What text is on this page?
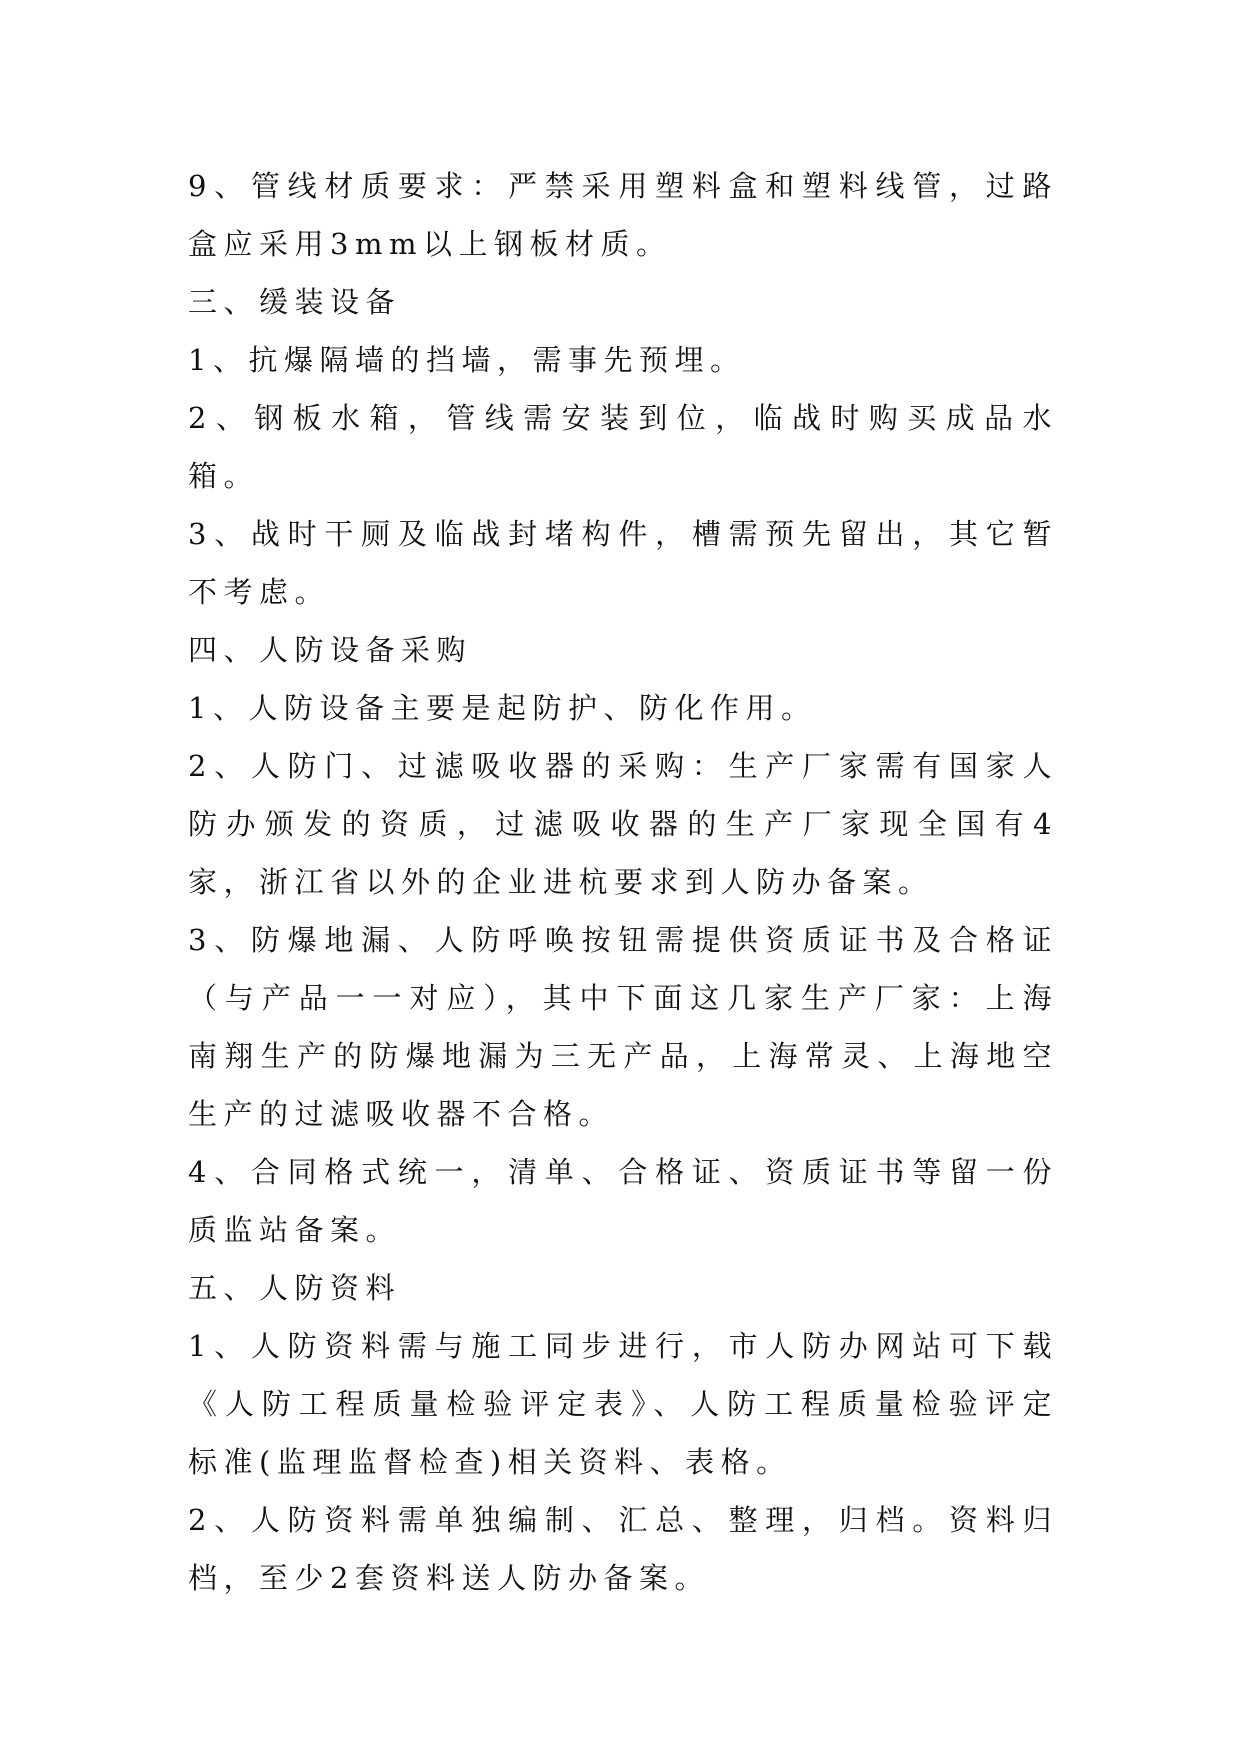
9、管线材质要求：严禁采用塑料盒和塑料线管，过路盒应采用3mm以上钢板材质。

三、缓装设备

1、抗爆隔墙的挡墙，需事先预埋。

2、钢板水箱，管线需安装到位，临战时购买成品水箱。

3、战时干厕及临战封堵构件，槽需预先留出，其它暂不考虑。

四、人防设备采购

1、人防设备主要是起防护、防化作用。

2、人防门、过滤吸收器的采购：生产厂家需有国家人防办颁发的资质，过滤吸收器的生产厂家现全国有4家，浙江省以外的企业进杭要求到人防办备案。

3、防爆地漏、人防呼唤按钮需提供资质证书及合格证（与产品一一对应），其中下面这几家生产厂家：上海南翔生产的防爆地漏为三无产品，上海常灵、上海地空生产的过滤吸收器不合格。

4、合同格式统一，清单、合格证、资质证书等留一份质监站备案。

五、人防资料

1、人防资料需与施工同步进行，市人防办网站可下载《人防工程质量检验评定表》、人防工程质量检验评定标准(监理监督检查)相关资料、表格。

2、人防资料需单独编制、汇总、整理，归档。资料归档，至少2套资料送人防办备案。
